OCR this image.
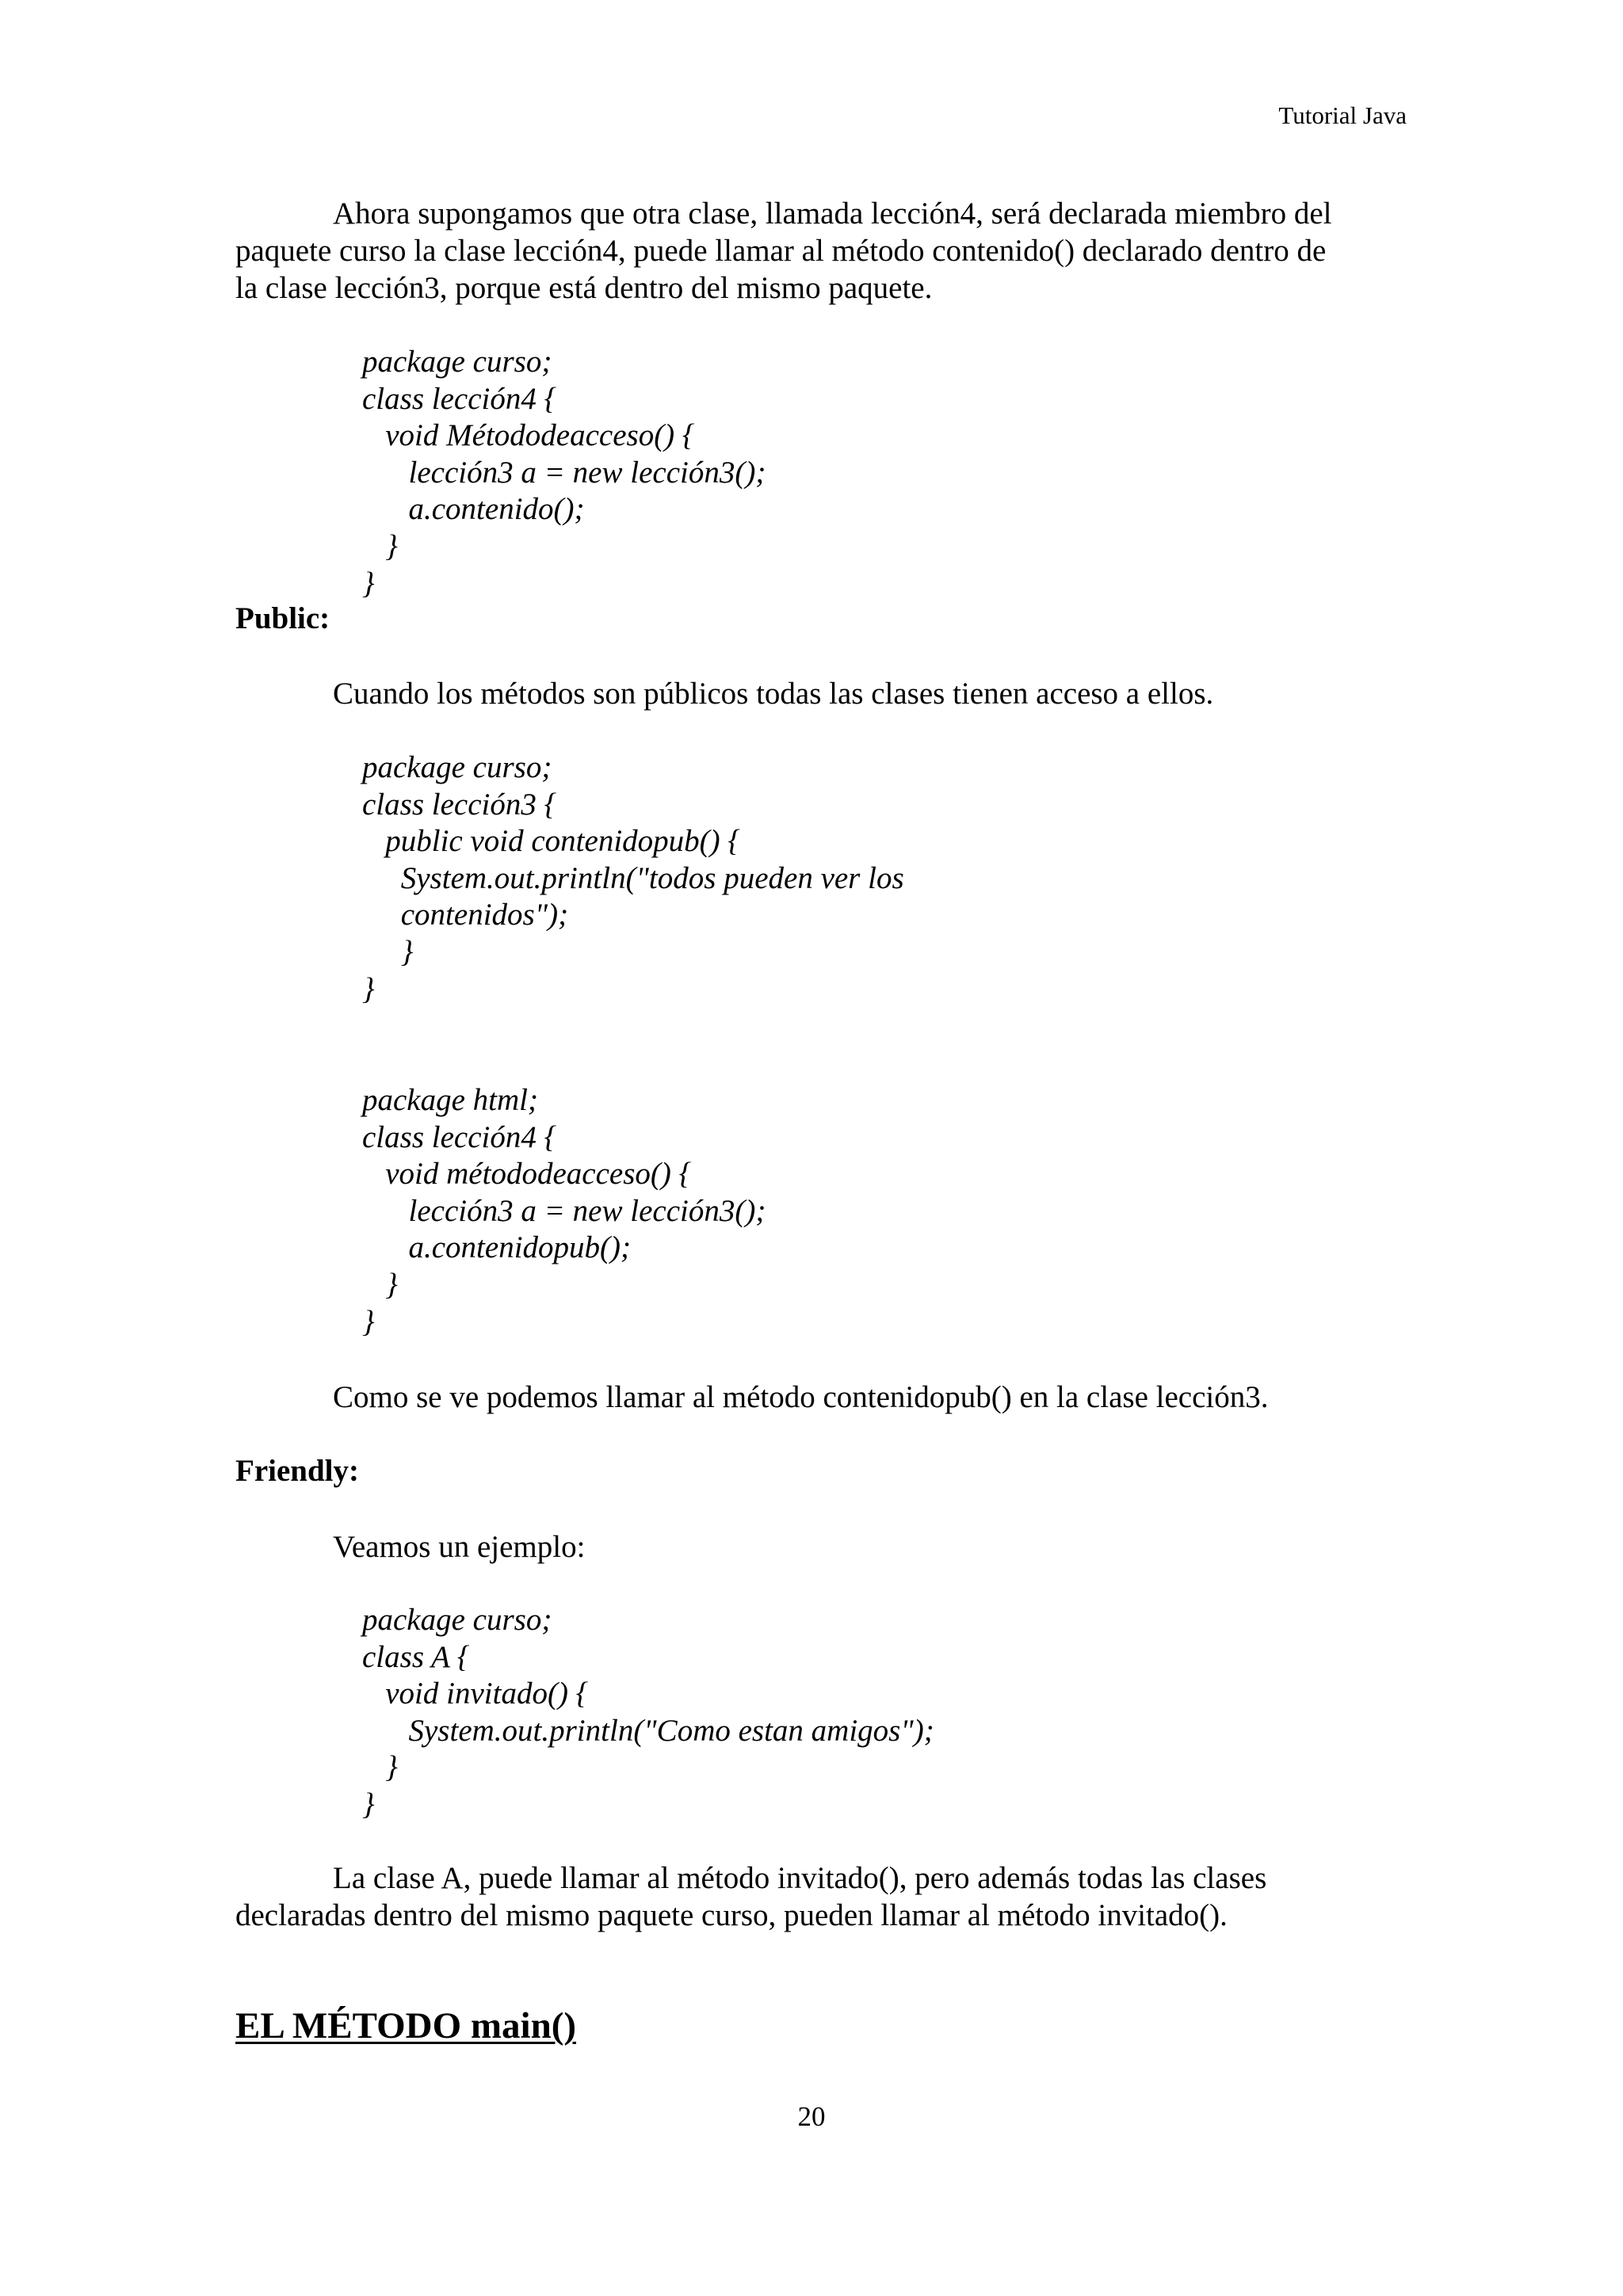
Tutorial Java
Ahora supongamos que otra clase, llamada lección4, será declarada miembro del
paquete curso la clase lección4, puede llamar al método contenido() declarado dentro de
la clase lección3, porque está dentro del mismo paquete.
package curso;
class lección4 {
void Métododeacceso() {
lección3 a = new lección3();
a.contenido();
}
}
Public:
Cuando los métodos son públicos todas las clases tienen acceso a ellos.
package curso;
class lección3 {
public void contenidopub() {
System.out.println("todos pueden ver los
contenidos");
}
}
package html;
class lección4 {
void métododeacceso() {
lección3 a = new lección3();
a.contenidopub();
}
}
Como se ve podemos llamar al método contenidopub() en la clase lección3.
Friendly:
Veamos un ejemplo:
package curso;
class A {
void invitado() {
System.out.println("Como estan amigos");
}
}
La clase A, puede llamar al método invitado(), pero además todas las clases
declaradas dentro del mismo paquete curso, pueden llamar al método invitado().
EL MÉTODO main()
20
